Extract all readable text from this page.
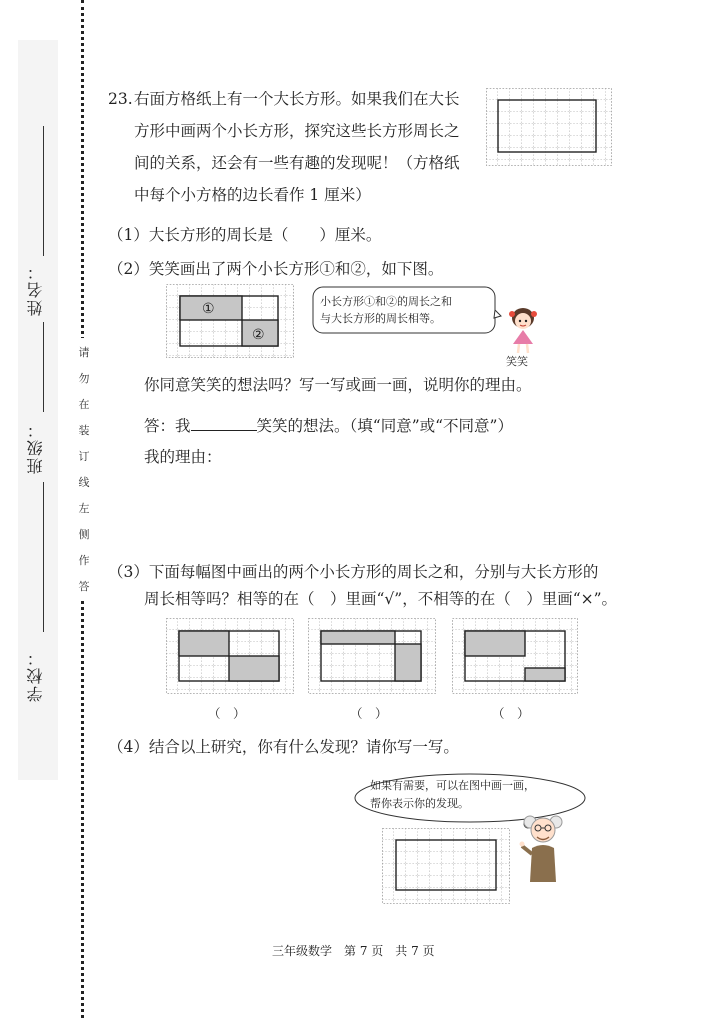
姓名：
班级：
学校：
请
勿
在
装
订
线
左
侧
作
答
23. 右面方格纸上有一个大长方形。如果我们在大长
方形中画两个小长方形，探究这些长方形周长之
间的关系，还会有一些有趣的发现呢！（方格纸
中每个小方格的边长看作 1 厘米）
（1）大长方形的周长是（　　）厘米。
（2）笑笑画出了两个小长方形①和②，如下图。
①
②
小长方形①和②的周长之和
与大长方形的周长相等。
笑笑
你同意笑笑的想法吗？写一写或画一画，说明你的理由。
答：我	笑笑的想法。（填“同意”或“不同意”）
我的理由：
（3）下面每幅图中画出的两个小长方形的周长之和，分别与大长方形的
周长相等吗？相等的在（　）里画“√”，不相等的在（　）里画“×”。
（　）	（　）	（　）
（4）结合以上研究，你有什么发现？请你写一写。
如果有需要，可以在图中画一画，
帮你表示你的发现。
三年级数学　第 7 页　共 7 页
